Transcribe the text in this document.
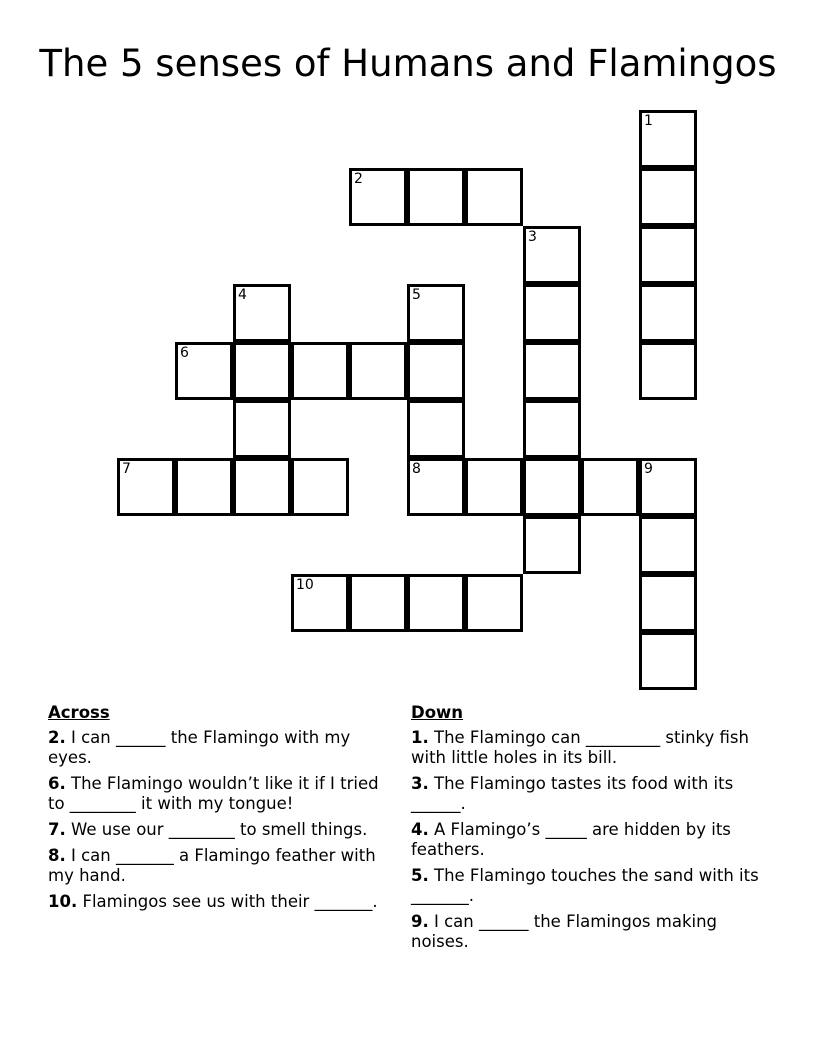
The 5 senses of Humans and Flamingos
1
2
3
4	5
6
7	8	9
10
Across
2. I can ______ the Flamingo with my eyes.
6. The Flamingo wouldn’t like it if I tried to ________ it with my tongue!
7. We use our ________ to smell things.
8. I can _______ a Flamingo feather with my hand.
10. Flamingos see us with their _______.
Down
1. The Flamingo can _________ stinky fish with little holes in its bill.
3. The Flamingo tastes its food with its ______.
4. A Flamingo’s _____ are hidden by its feathers.
5. The Flamingo touches the sand with its _______.
9. I can ______ the Flamingos making noises.
